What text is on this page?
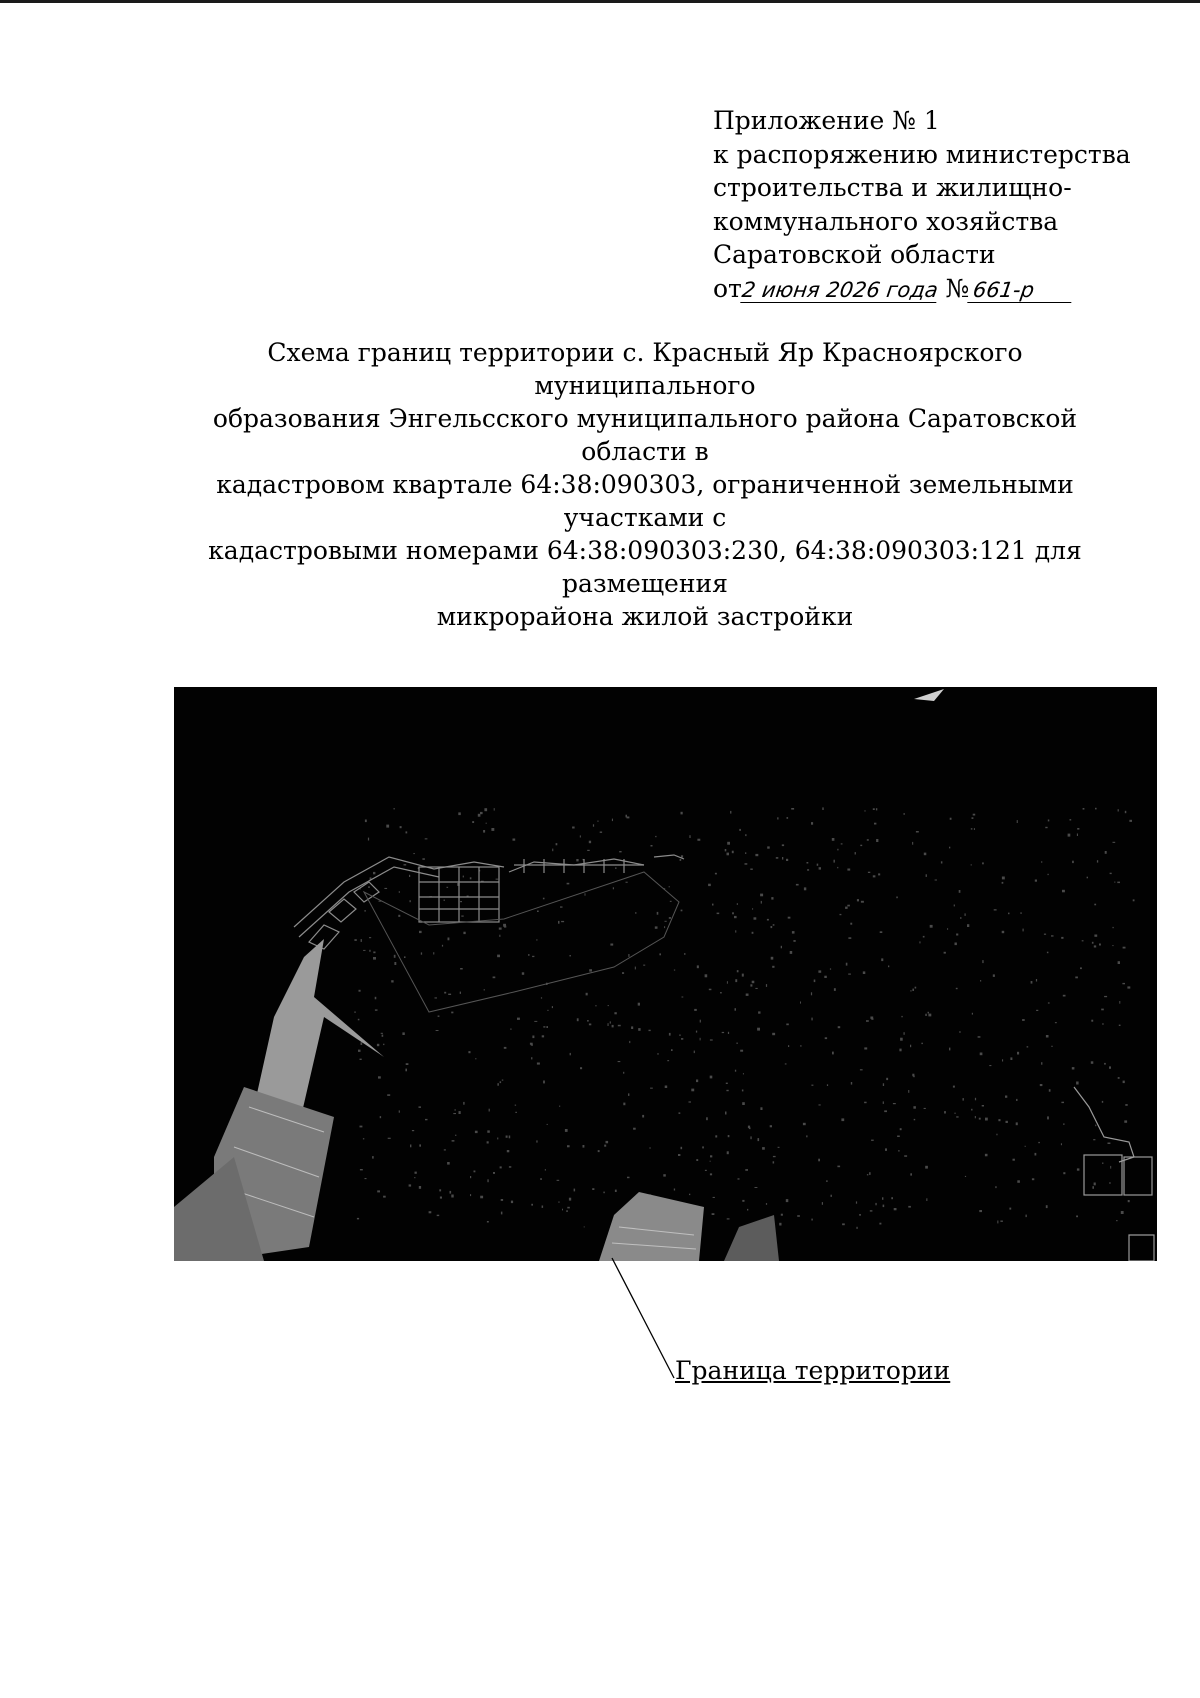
Приложение № 1
к распоряжению министерства
строительства и жилищно-
коммунального хозяйства
Саратовской области
от2 июня 2026 года № 661-р
Схема границ территории с. Красный Яр Красноярского муниципального
образования Энгельсского муниципального района Саратовской области в
кадастровом квартале 64:38:090303, ограниченной земельными участками с
кадастровыми номерами 64:38:090303:230, 64:38:090303:121 для размещения
микрорайона жилой застройки
Граница территории
